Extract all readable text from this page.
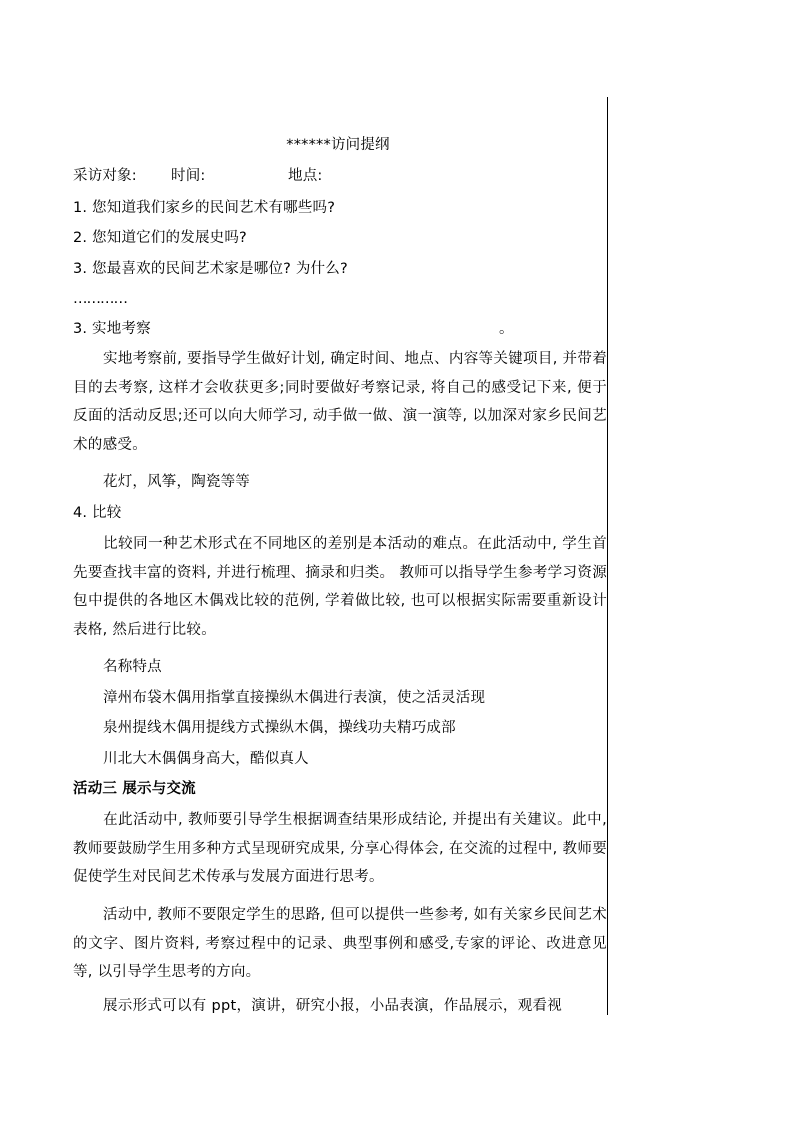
******访问提纲
采访对象: 时间:	地点:
1. 您知道我们家乡的民间艺术有哪些吗?
2. 您知道它们的发展史吗?
3. 您最喜欢的民间艺术家是哪位? 为什么?
…………
3. 实地考察	。
实地考察前, 要指导学生做好计划, 确定时间、地点、内容等关键项目, 并带着目的去考察, 这样才会收获更多;同时要做好考察记录, 将自己的感受记下来, 便于反面的活动反思;还可以向大师学习, 动手做一做、演一演等, 以加深对家乡民间艺术的感受。
花灯，风筝，陶瓷等等
4. 比较
比较同一种艺术形式在不同地区的差别是本活动的难点。在此活动中, 学生首先要查找丰富的资料, 并进行梳理、摘录和归类。 教师可以指导学生参考学习资源包中提供的各地区木偶戏比较的范例, 学着做比较, 也可以根据实际需要重新设计表格, 然后进行比较。
名称特点
漳州布袋木偶用指掌直接操纵木偶进行表演，使之活灵活现
泉州提线木偶用提线方式操纵木偶，操线功夫精巧成部
川北大木偶偶身高大，酷似真人
活动三 展示与交流
在此活动中, 教师要引导学生根据调查结果形成结论, 并提出有关建议。此中, 教师要鼓励学生用多种方式呈现研究成果, 分享心得体会, 在交流的过程中, 教师要促使学生对民间艺术传承与发展方面进行思考。
活动中, 教师不要限定学生的思路, 但可以提供一些参考, 如有关家乡民间艺术的文字、图片资料, 考察过程中的记录、典型事例和感受,专家的评论、改进意见等, 以引导学生思考的方向。
展示形式可以有 ppt，演讲，研究小报，小品表演，作品展示，观看视
